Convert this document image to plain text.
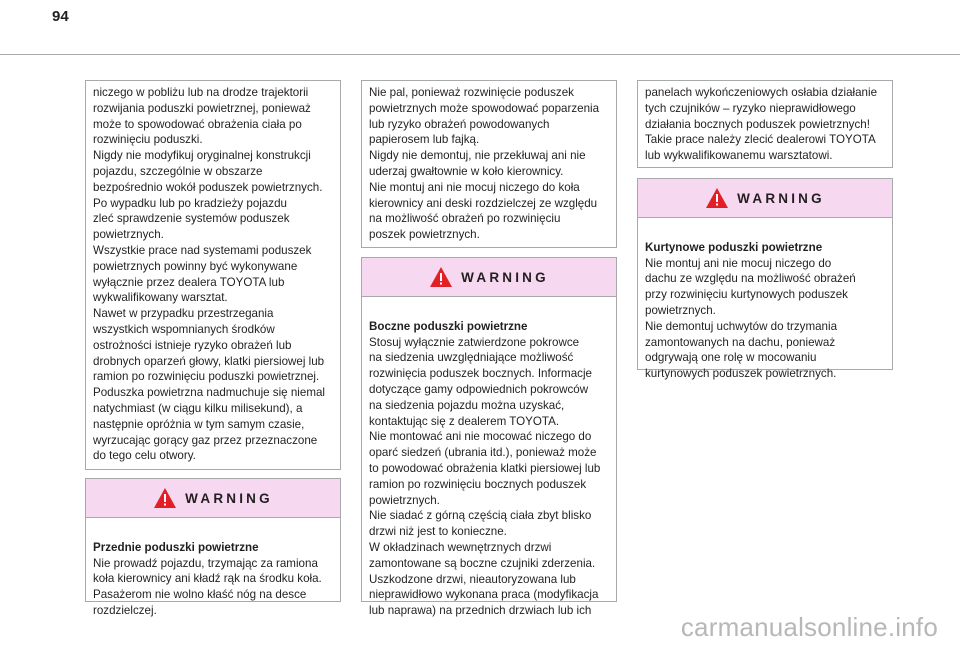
94
niczego w pobliżu lub na drodze trajektorii
rozwijania poduszki powietrznej, ponieważ
może to spowodować obrażenia ciała po
rozwinięciu poduszki.
Nigdy nie modyfikuj oryginalnej konstrukcji
pojazdu, szczególnie w obszarze
bezpośrednio wokół poduszek powietrznych.
Po wypadku lub po kradzieży pojazdu
zleć sprawdzenie systemów poduszek
powietrznych.
Wszystkie prace nad systemami poduszek
powietrznych powinny być wykonywane
wyłącznie przez dealera TOYOTA lub
wykwalifikowany warsztat.
Nawet w przypadku przestrzegania
wszystkich wspomnianych środków
ostrożności istnieje ryzyko obrażeń lub
drobnych oparzeń głowy, klatki piersiowej lub
ramion po rozwinięciu poduszki powietrznej.
Poduszka powietrzna nadmuchuje się niemal
natychmiast (w ciągu kilku milisekund), a
następnie opróżnia w tym samym czasie,
wyrzucając gorący gaz przez przeznaczone
do tego celu otwory.
WARNING

Przednie poduszki powietrzne
Nie prowadź pojazdu, trzymając za ramiona
koła kierownicy ani kładź rąk na środku koła.
Pasażerom nie wolno kłaść nóg na desce
rozdzielczej.

Nie pal, ponieważ rozwinięcie poduszek
powietrznych może spowodować poparzenia
lub ryzyko obrażeń powodowanych
papierosem lub fajką.
Nigdy nie demontuj, nie przekłuwaj ani nie
uderzaj gwałtownie w koło kierownicy.
Nie montuj ani nie mocuj niczego do koła
kierownicy ani deski rozdzielczej ze względu
na możliwość obrażeń po rozwinięciu
poszek powietrznych.
WARNING

Boczne poduszki powietrzne
Stosuj wyłącznie zatwierdzone pokrowce
na siedzenia uwzględniające możliwość
rozwinięcia poduszek bocznych. Informacje
dotyczące gamy odpowiednich pokrowców
na siedzenia pojazdu można uzyskać,
kontaktując się z dealerem TOYOTA.
Nie montować ani nie mocować niczego do
oparć siedzeń (ubrania itd.), ponieważ może
to powodować obrażenia klatki piersiowej lub
ramion po rozwinięciu bocznych poduszek
powietrznych.
Nie siadać z górną częścią ciała zbyt blisko
drzwi niż jest to konieczne.
W okładzinach wewnętrznych drzwi
zamontowane są boczne czujniki zderzenia.
Uszkodzone drzwi, nieautoryzowana lub
nieprawidłowo wykonana praca (modyfikacja
lub naprawa) na przednich drzwiach lub ich

panelach wykończeniowych osłabia działanie
tych czujników – ryzyko nieprawidłowego
działania bocznych poduszek powietrznych!
Takie prace należy zlecić dealerowi TOYOTA
lub wykwalifikowanemu warsztatowi.
WARNING

Kurtynowe poduszki powietrzne
Nie montuj ani nie mocuj niczego do
dachu ze względu na możliwość obrażeń
przy rozwinięciu kurtynowych poduszek
powietrznych.
Nie demontuj uchwytów do trzymania
zamontowanych na dachu, ponieważ
odgrywają one rolę w mocowaniu
kurtynowych poduszek powietrznych.

carmanualsonline.info
